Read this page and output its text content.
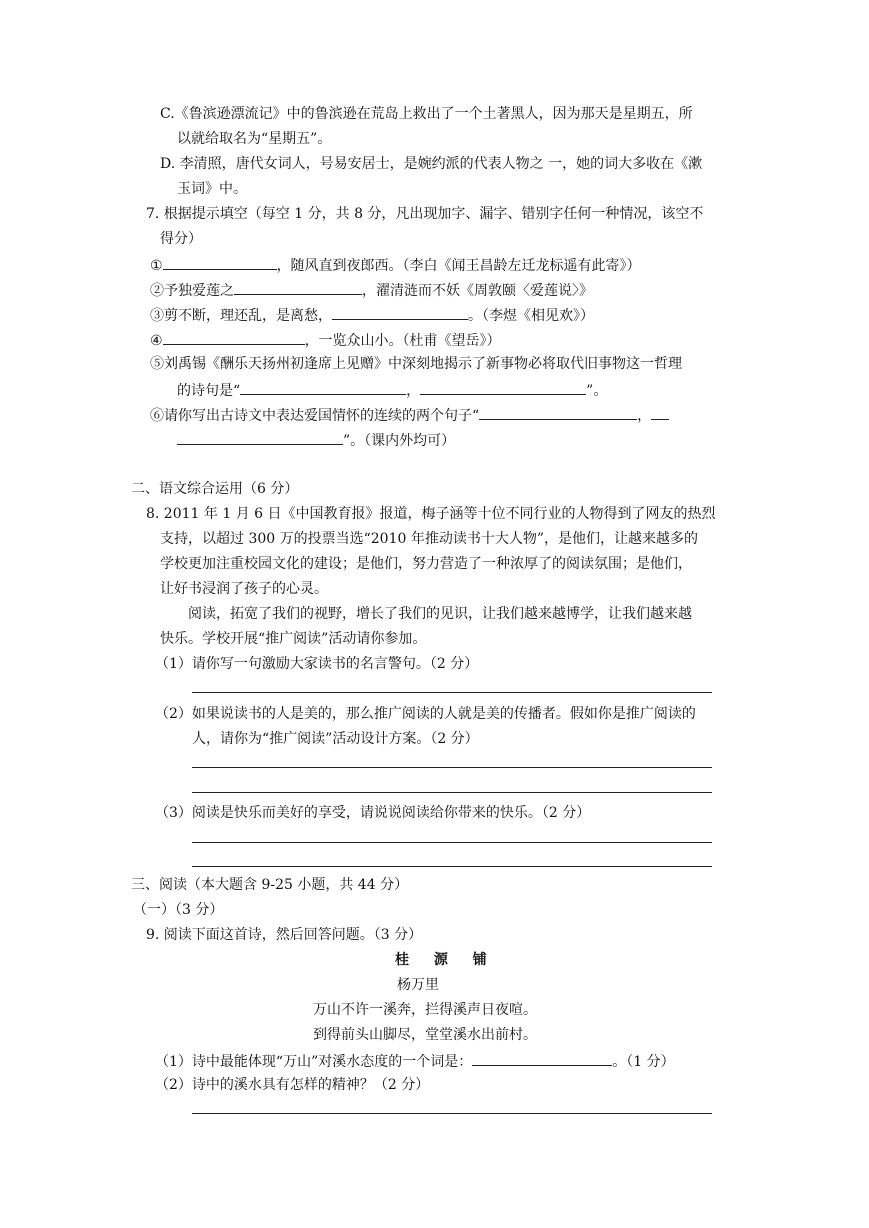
C.《鲁滨逊漂流记》中的鲁滨逊在荒岛上救出了一个土著黑人，因为那天是星期五，所
以就给取名为“星期五”。
D. 李清照，唐代女词人，号易安居士，是婉约派的代表人物之 一，她的词大多收在《漱
玉词》中。
7. 根据提示填空（每空 1 分，共 8 分，凡出现加字、漏字、错别字任何一种情况，该空不
得分）
①	，随风直到夜郎西。（李白《闻王昌龄左迁龙标遥有此寄》）
②予独爱莲之	，濯清涟而不妖《周敦颐〈爱莲说〉》
③剪不断，理还乱，是离愁，	。（李煜《相见欢》）
④	，一览众山小。（杜甫《望岳》）
⑤刘禹锡《酬乐天扬州初逢席上见赠》中深刻地揭示了新事物必将取代旧事物这一哲理
的诗句是“	，	”。
⑥请你写出古诗文中表达爱国情怀的连续的两个句子“	，
”。（课内外均可）
二、语文综合运用（6 分）
8. 2011 年 1 月 6 日《中国教育报》报道，梅子涵等十位不同行业的人物得到了网友的热烈
支持，以超过 300 万的投票当选“2010 年推动读书十大人物”，是他们，让越来越多的
学校更加注重校园文化的建设；是他们，努力营造了一种浓厚了的阅读氛围；是他们，
让好书浸润了孩子的心灵。
阅读，拓宽了我们的视野，增长了我们的见识，让我们越来越博学，让我们越来越
快乐。学校开展“推广阅读”活动请你参加。
（1）请你写一句激励大家读书的名言警句。（2 分）
（2）如果说读书的人是美的，那么推广阅读的人就是美的传播者。假如你是推广阅读的
人，请你为“推广阅读”活动设计方案。（2 分）
（3）阅读是快乐而美好的享受，请说说阅读给你带来的快乐。（2 分）
三、阅读（本大题含 9-25 小题，共 44 分）
（一）（3 分）
9. 阅读下面这首诗，然后回答问题。（3 分）
桂 源 铺
杨万里
万山不许一溪奔，拦得溪声日夜喧。
到得前头山脚尽，堂堂溪水出前村。
（1）诗中最能体现“万山”对溪水态度的一个词是：	。（1 分）
（2）诗中的溪水具有怎样的精神？（2 分）
